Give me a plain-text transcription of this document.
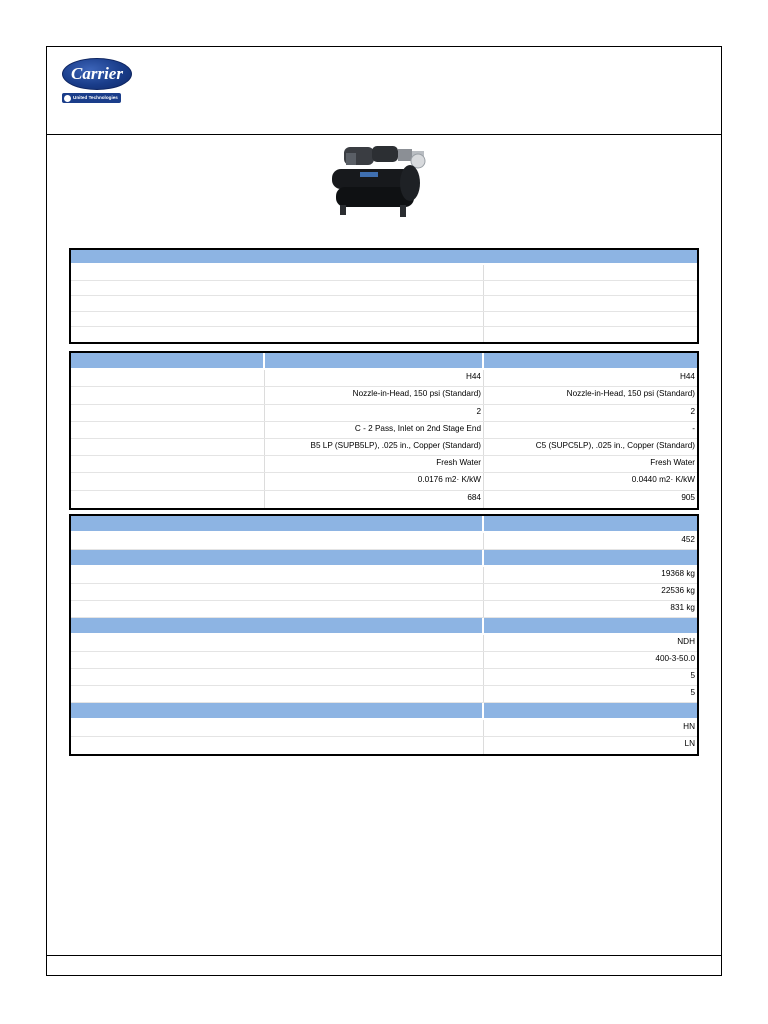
Carrier
United Technologies
H44	H44
Nozzle-in-Head, 150 psi (Standard)	Nozzle-in-Head, 150 psi (Standard)
2	2
C - 2 Pass, Inlet on 2nd Stage End	-
B5 LP (SUPB5LP), .025 in., Copper (Standard)	C5 (SUPC5LP), .025 in., Copper (Standard)
Fresh Water	Fresh Water
0.0176 m2· K/kW	0.0440 m2· K/kW
684	905
452
19368 kg
22536 kg
831 kg
NDH
400-3-50.0
5
5
HN
LN
